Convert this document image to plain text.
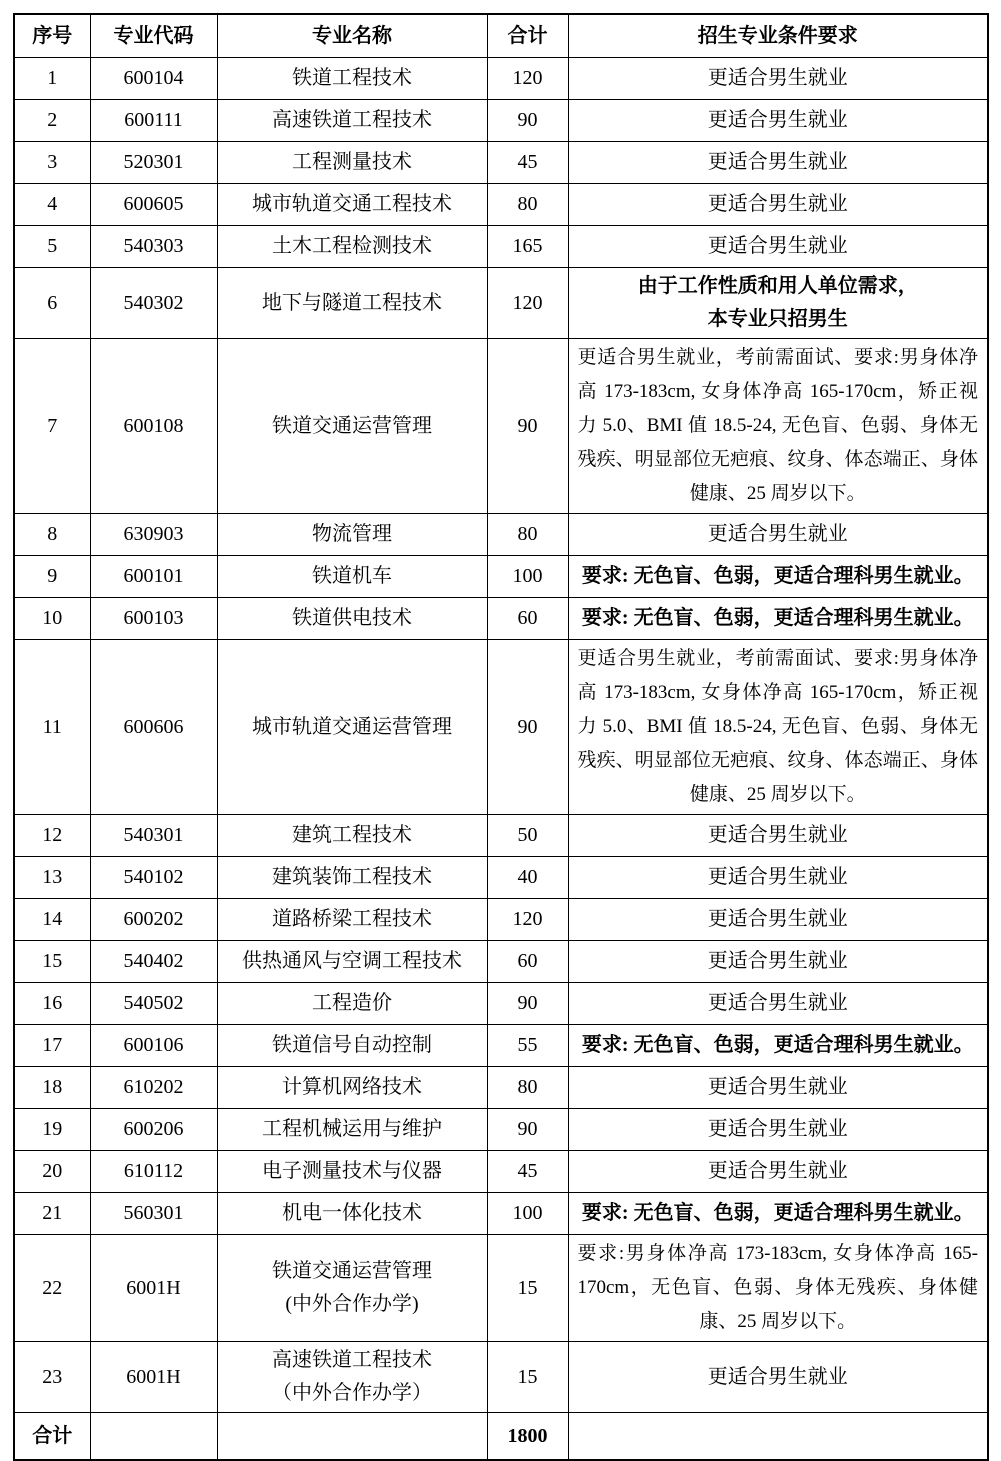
序号	专业代码	专业名称	合计	招生专业条件要求
1	600104	铁道工程技术	120	更适合男生就业

2	600111	高速铁道工程技术	90	更适合男生就业

3	520301	工程测量技术	45	更适合男生就业

4	600605	城市轨道交通工程技术	80	更适合男生就业

5	540303	土木工程检测技术	165	更适合男生就业

6	540302	地下与隧道工程技术	120	由于工作性质和用人单位需求，
本专业只招男生

7	600108	铁道交通运营管理	90	更适合男生就业，考前需面试、要求:男身体净高 173-183cm, 女身体净高 165-170cm，矫正视力 5.0、BMI 值 18.5-24, 无色盲、色弱、身体无残疾、明显部位无疤痕、纹身、体态端正、身体健康、25 周岁以下。

8	630903	物流管理	80	更适合男生就业

9	600101	铁道机车	100	要求: 无色盲、色弱，更适合理科男生就业。

10	600103	铁道供电技术	60	要求: 无色盲、色弱，更适合理科男生就业。

11	600606	城市轨道交通运营管理	90	更适合男生就业，考前需面试、要求:男身体净高 173-183cm, 女身体净高 165-170cm，矫正视力 5.0、BMI 值 18.5-24, 无色盲、色弱、身体无残疾、明显部位无疤痕、纹身、体态端正、身体健康、25 周岁以下。

12	540301	建筑工程技术	50	更适合男生就业

13	540102	建筑装饰工程技术	40	更适合男生就业

14	600202	道路桥梁工程技术	120	更适合男生就业

15	540402	供热通风与空调工程技术	60	更适合男生就业

16	540502	工程造价	90	更适合男生就业

17	600106	铁道信号自动控制	55	要求: 无色盲、色弱，更适合理科男生就业。

18	610202	计算机网络技术	80	更适合男生就业

19	600206	工程机械运用与维护	90	更适合男生就业

20	610112	电子测量技术与仪器	45	更适合男生就业

21	560301	机电一体化技术	100	要求: 无色盲、色弱，更适合理科男生就业。

22	6001H	铁道交通运营管理
(中外合作办学)	15	要求:男身体净高 173-183cm, 女身体净高 165-170cm，无色盲、色弱、身体无残疾、身体健康、25 周岁以下。

23	6001H	高速铁道工程技术
（中外合作办学）	15	更适合男生就业

合计			1800	
